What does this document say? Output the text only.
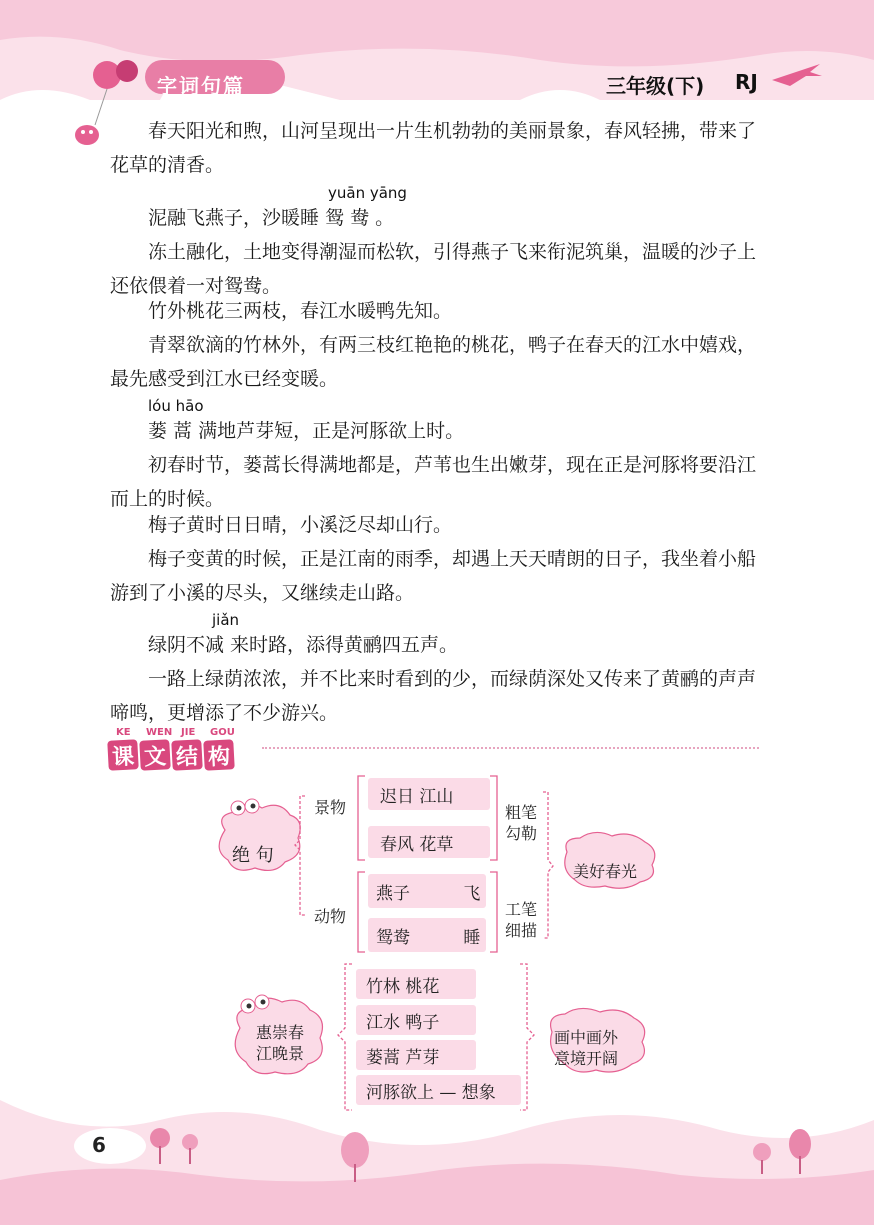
字词句篇	三年级(下) RJ
春天阳光和煦，山河呈现出一片生机勃勃的美丽景象，春风轻拂，带来了花草的清香。
yuān yāng
泥融飞燕子，沙暖睡 鸳 鸯 。
冻土融化，土地变得潮湿而松软，引得燕子飞来衔泥筑巢，温暖的沙子上还依偎着一对鸳鸯。
竹外桃花三两枝，春江水暖鸭先知。
青翠欲滴的竹林外，有两三枝红艳艳的桃花，鸭子在春天的江水中嬉戏，最先感受到江水已经变暖。
lóu hāo
蒌 蒿 满地芦芽短，正是河豚欲上时。
初春时节，蒌蒿长得满地都是，芦苇也生出嫩芽，现在正是河豚将要沿江而上的时候。
梅子黄时日日晴，小溪泛尽却山行。
梅子变黄的时候，正是江南的雨季，却遇上天天晴朗的日子，我坐着小船游到了小溪的尽头，又继续走山路。
jiǎn
绿阴不减 来时路，添得黄鹂四五声。
一路上绿荫浓浓，并不比来时看到的少，而绿荫深处又传来了黄鹂的声声啼鸣，更增添了不少游兴。
KE WEN JIE GOU
课 文 结 构
绝 句
景物
动物
迟日 江山
春风 花草
燕子 飞
鸳鸯 睡
粗笔
勾勒
工笔
细描
美好春光
惠崇春
江晚景
竹林 桃花
江水 鸭子
蒌蒿 芦芽
河豚欲上 — 想象
画中画外
意境开阔
6
